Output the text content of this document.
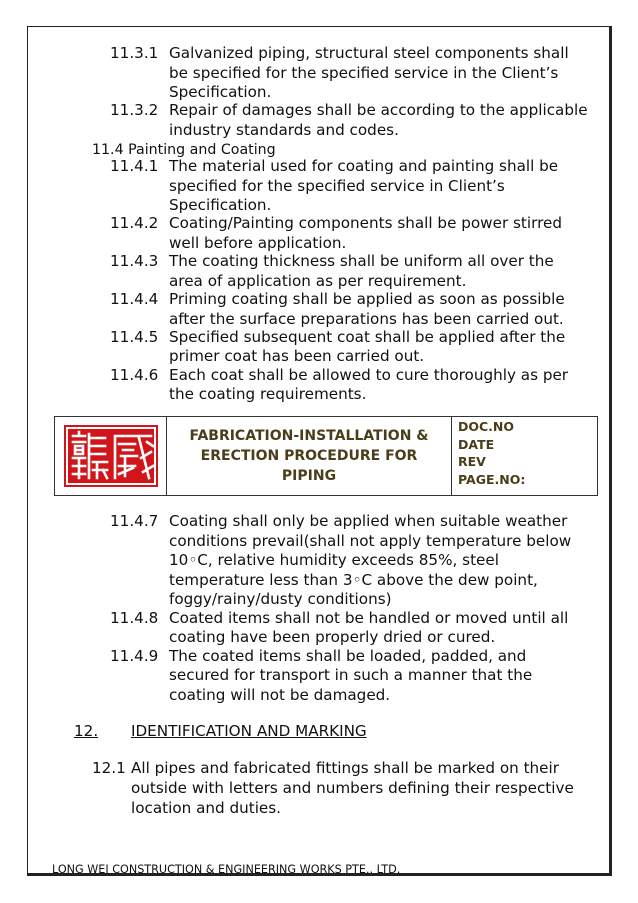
11.3.1 Galvanized piping, structural steel components shall
be specified for the specified service in the Client’s
Specification.
11.3.2 Repair of damages shall be according to the applicable
industry standards and codes.
11.4 Painting and Coating
11.4.1 The material used for coating and painting shall be
specified for the specified service in Client’s
Specification.
11.4.2 Coating/Painting components shall be power stirred
well before application.
11.4.3 The coating thickness shall be uniform all over the
area of application as per requirement.
11.4.4 Priming coating shall be applied as soon as possible
after the surface preparations has been carried out.
11.4.5 Specified subsequent coat shall be applied after the
primer coat has been carried out.
11.4.6 Each coat shall be allowed to cure thoroughly as per
the coating requirements.
FABRICATION-INSTALLATION & ERECTION PROCEDURE FOR PIPING
DOC.NO
DATE
REV
PAGE.NO:
11.4.7 Coating shall only be applied when suitable weather
conditions prevail(shall not apply temperature below
10◦C, relative humidity exceeds 85%, steel
temperature less than 3◦C above the dew point,
foggy/rainy/dusty conditions)
11.4.8 Coated items shall not be handled or moved until all
coating have been properly dried or cured.
11.4.9 The coated items shall be loaded, padded, and
secured for transport in such a manner that the
coating will not be damaged.
12. IDENTIFICATION AND MARKING
12.1 All pipes and fabricated fittings shall be marked on their
outside with letters and numbers defining their respective
location and duties.
LONG WEI CONSTRUCTION & ENGINEERING WORKS PTE,. LTD.
